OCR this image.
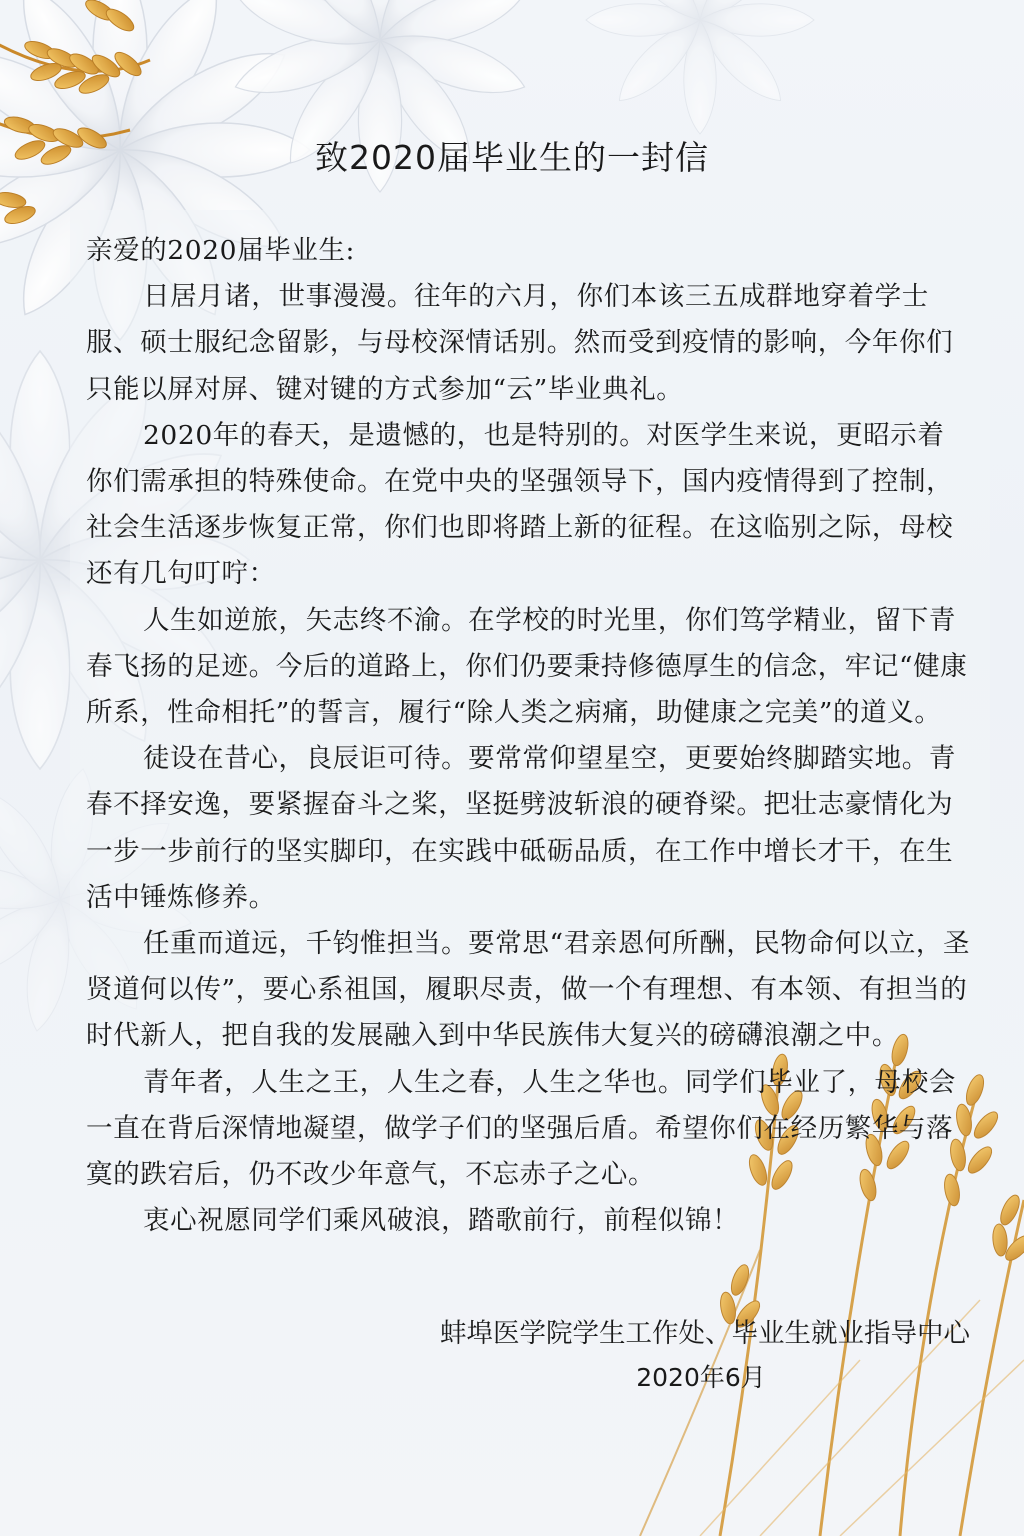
致2020届毕业生的一封信

亲爱的2020届毕业生:

日居月诸，世事漫漫。往年的六月，你们本该三五成群地穿着学士服、硕士服纪念留影，与母校深情话别。然而受到疫情的影响，今年你们只能以屏对屏、键对键的方式参加“云”毕业典礼。

2020年的春天，是遗憾的，也是特别的。对医学生来说，更昭示着你们需承担的特殊使命。在党中央的坚强领导下，国内疫情得到了控制，社会生活逐步恢复正常，你们也即将踏上新的征程。在这临别之际，母校还有几句叮咛：

人生如逆旅，矢志终不渝。在学校的时光里，你们笃学精业，留下青春飞扬的足迹。今后的道路上，你们仍要秉持修德厚生的信念，牢记“健康所系，性命相托”的誓言，履行“除人类之病痛，助健康之完美”的道义。

徒设在昔心，良辰讵可待。要常常仰望星空，更要始终脚踏实地。青春不择安逸，要紧握奋斗之桨，坚挺劈波斩浪的硬脊梁。把壮志豪情化为一步一步前行的坚实脚印，在实践中砥砺品质，在工作中增长才干，在生活中锤炼修养。

任重而道远，千钧惟担当。要常思“君亲恩何所酬，民物命何以立，圣贤道何以传”，要心系祖国，履职尽责，做一个有理想、有本领、有担当的时代新人，把自我的发展融入到中华民族伟大复兴的磅礴浪潮之中。

青年者，人生之王，人生之春，人生之华也。同学们毕业了，母校会一直在背后深情地凝望，做学子们的坚强后盾。希望你们在经历繁华与落寞的跌宕后，仍不改少年意气，不忘赤子之心。

衷心祝愿同学们乘风破浪，踏歌前行，前程似锦！

蚌埠医学院学生工作处、毕业生就业指导中心
2020年6月
